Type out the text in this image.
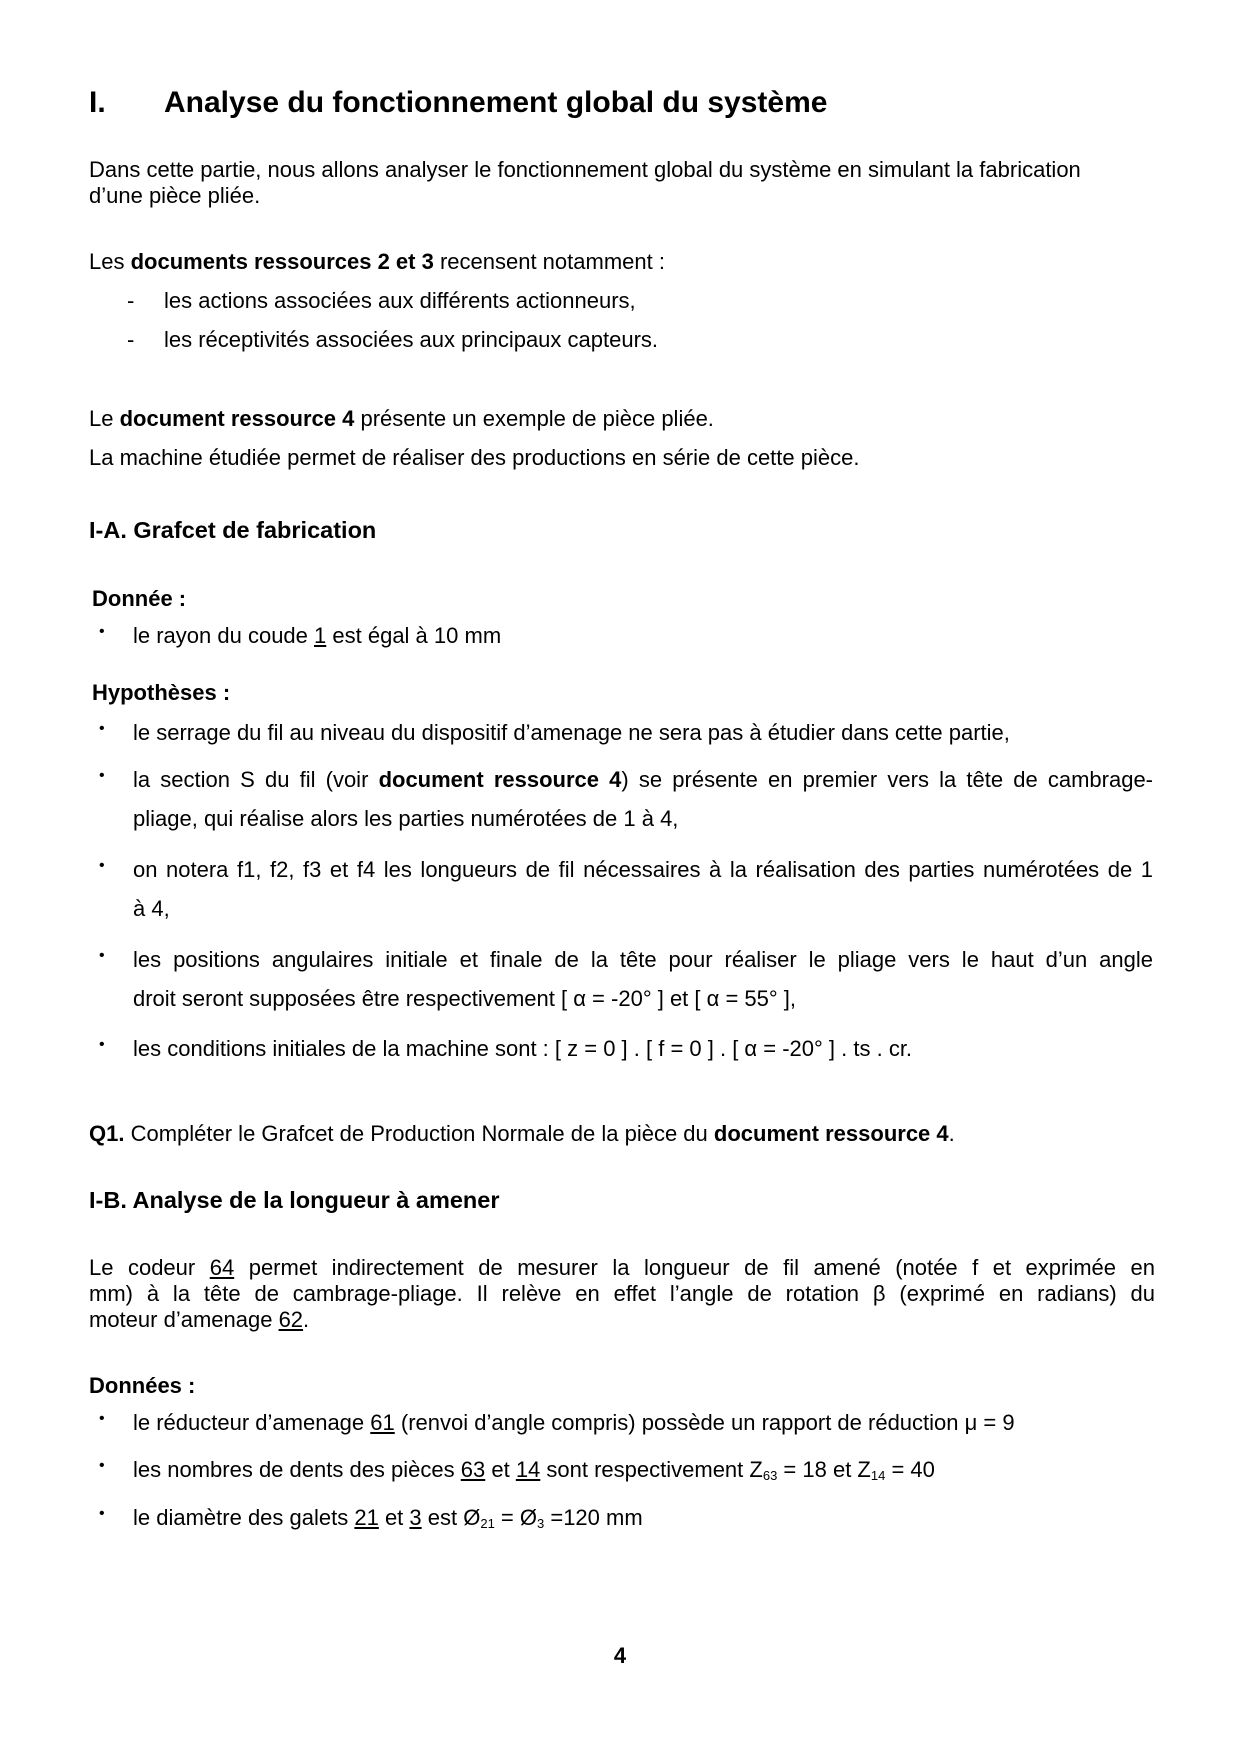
I. Analyse du fonctionnement global du système

Dans cette partie, nous allons analyser le fonctionnement global du système en simulant la fabrication
d’une pièce pliée.

Les documents ressources 2 et 3 recensent notamment :

- les actions associées aux différents actionneurs,
- les réceptivités associées aux principaux capteurs.

Le document ressource 4 présente un exemple de pièce pliée.

La machine étudiée permet de réaliser des productions en série de cette pièce.

I-A. Grafcet de fabrication

Donnée :

• le rayon du coude 1 est égal à 10 mm

Hypothèses :

• le serrage du fil au niveau du dispositif d’amenage ne sera pas à étudier dans cette partie,
• la section S du fil (voir document ressource 4) se présente en premier vers la tête de cambrage-
pliage, qui réalise alors les parties numérotées de 1 à 4,
• on notera f1, f2, f3 et f4 les longueurs de fil nécessaires à la réalisation des parties numérotées de 1
à 4,
• les positions angulaires initiale et finale de la tête pour réaliser le pliage vers le haut d’un angle
droit seront supposées être respectivement [ α = -20° ] et [ α = 55° ],
• les conditions initiales de la machine sont : [ z = 0 ] . [ f = 0 ] . [ α = -20° ] . ts . cr.

Q1. Compléter le Grafcet de Production Normale de la pièce du document ressource 4.

I-B. Analyse de la longueur à amener
Le codeur 64 permet indirectement de mesurer la longueur de fil amené (notée f et exprimée en
mm) à la tête de cambrage-pliage. Il relève en effet l’angle de rotation β (exprimé en radians) du
moteur d’amenage 62.

Données :

• le réducteur d’amenage 61 (renvoi d’angle compris) possède un rapport de réduction μ = 9
• les nombres de dents des pièces 63 et 14 sont respectivement $Z_{63} = 18$ et $Z_{14} = 40$
• le diamètre des galets 21 et 3 est $Ø_{21}$ = $Ø_3 =120$ mm
4
